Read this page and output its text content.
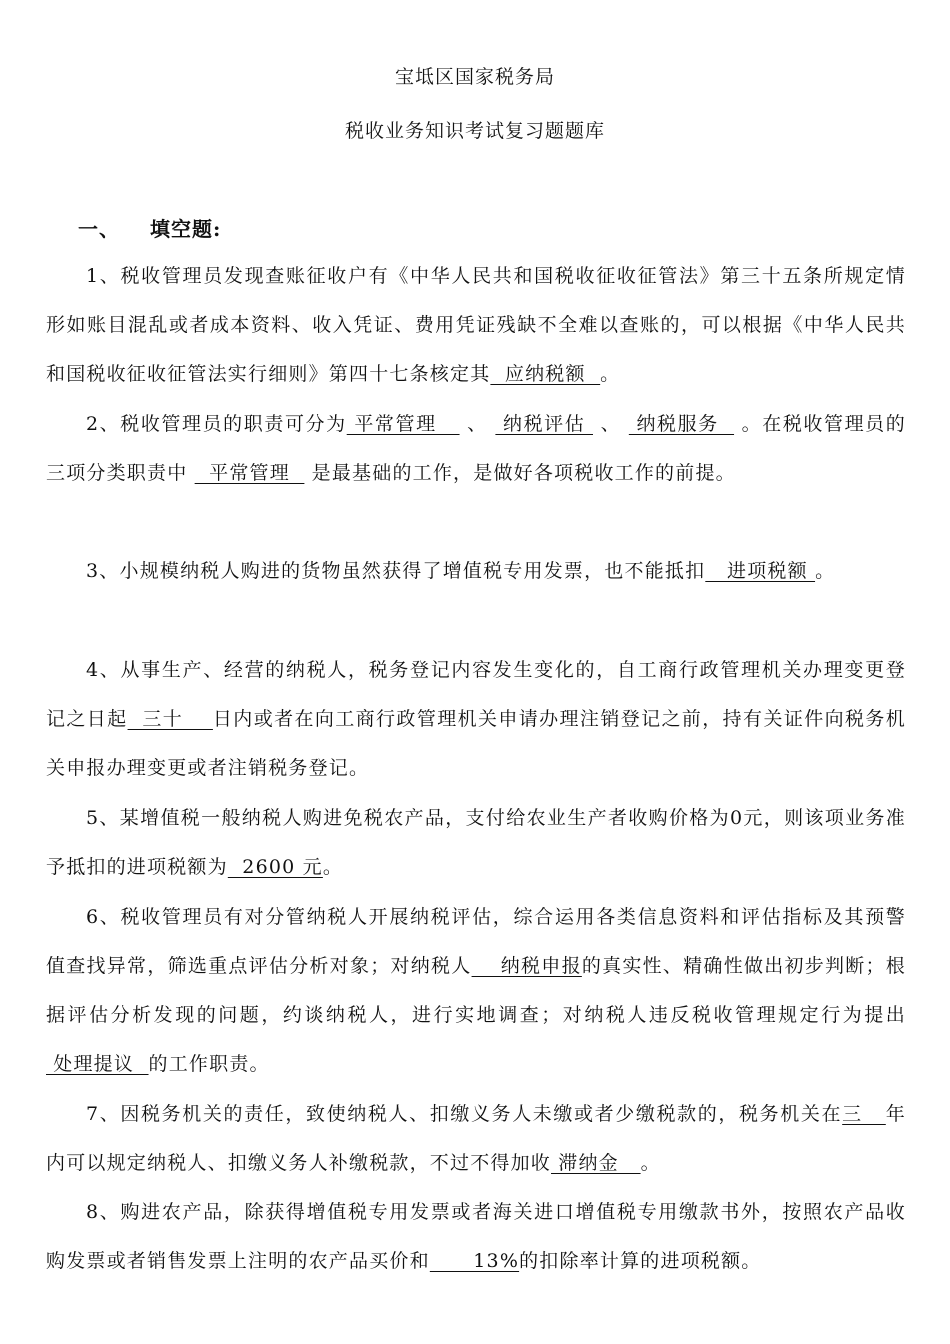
宝坻区国家税务局
税收业务知识考试复习题题库
一、 填空题:

1、税收管理员发现查账征收户有《中华人民共和国税收征收征管法》第三十五条所规定情形如账目混乱或者成本资料、收入凭证、费用凭证残缺不全难以查账的，可以根据《中华人民共和国税收征收征管法实行细则》第四十七条核定其  应纳税额  。

2、税收管理员的职责可分为 平常管理    、  纳税评估  、  纳税服务   。在税收管理员的三项分类职责中   平常管理   是最基础的工作，是做好各项税收工作的前提。

3、小规模纳税人购进的货物虽然获得了增值税专用发票，也不能抵扣   进项税额 。

4、从事生产、经营的纳税人，税务登记内容发生变化的，自工商行政管理机关办理变更登记之日起  三十    日内或者在向工商行政管理机关申请办理注销登记之前，持有关证件向税务机关申报办理变更或者注销税务登记。

5、某增值税一般纳税人购进免税农产品，支付给农业生产者收购价格为0元，则该项业务准予抵扣的进项税额为  2600 元。

6、税收管理员有对分管纳税人开展纳税评估，综合运用各类信息资料和评估指标及其预警值查找异常，筛选重点评估分析对象；对纳税人    纳税申报的真实性、精确性做出初步判断；根据评估分析发现的问题，约谈纳税人，进行实地调查；对纳税人违反税收管理规定行为提出 处理提议  的工作职责。

7、因税务机关的责任，致使纳税人、扣缴义务人未缴或者少缴税款的，税务机关在三   年内可以规定纳税人、扣缴义务人补缴税款，不过不得加收 滞纳金   。

8、购进农产品，除获得增值税专用发票或者海关进口增值税专用缴款书外，按照农产品收购发票或者销售发票上注明的农产品买价和      13%的扣除率计算的进项税额。
